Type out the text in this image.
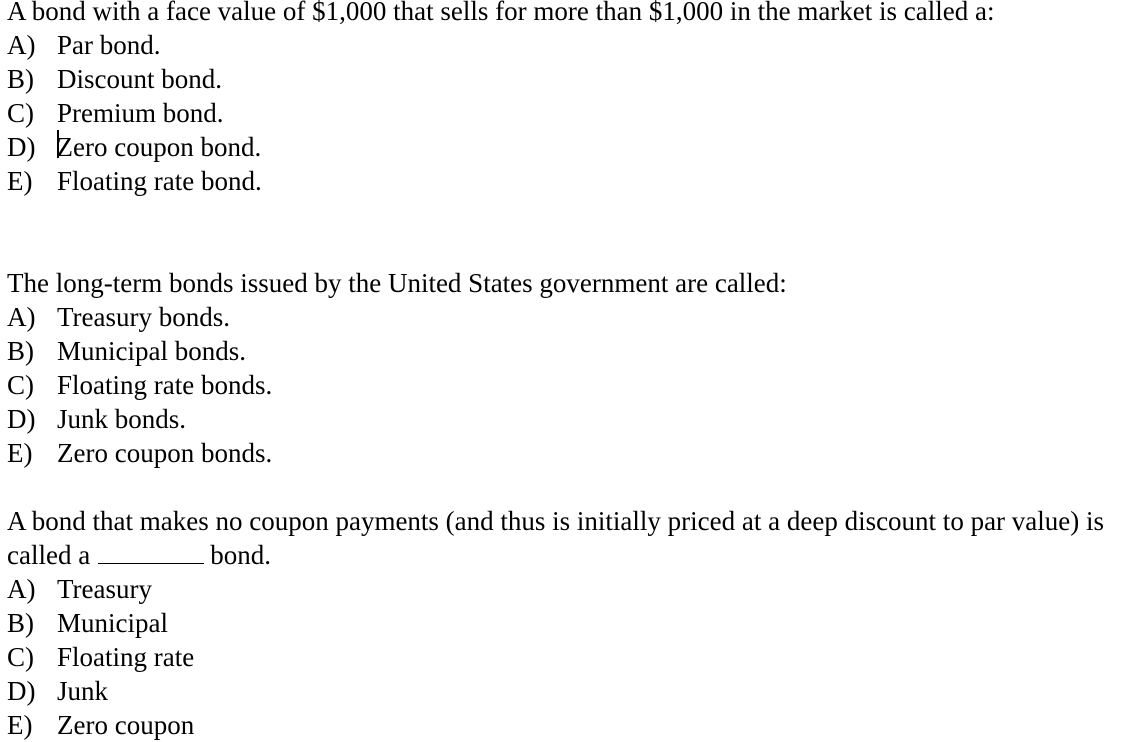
A bond with a face value of $1,000 that sells for more than $1,000 in the market is called a:

A) Par bond.
B) Discount bond.
C) Premium bond.
D) Zero coupon bond.
E) Floating rate bond.

The long-term bonds issued by the United States government are called:

A) Treasury bonds.
B) Municipal bonds.
C) Floating rate bonds.
D) Junk bonds.
E) Zero coupon bonds.

A bond that makes no coupon payments (and thus is initially priced at a deep discount to par value) is called a	bond.

A) Treasury
B) Municipal
C) Floating rate
D) Junk
E) Zero coupon
